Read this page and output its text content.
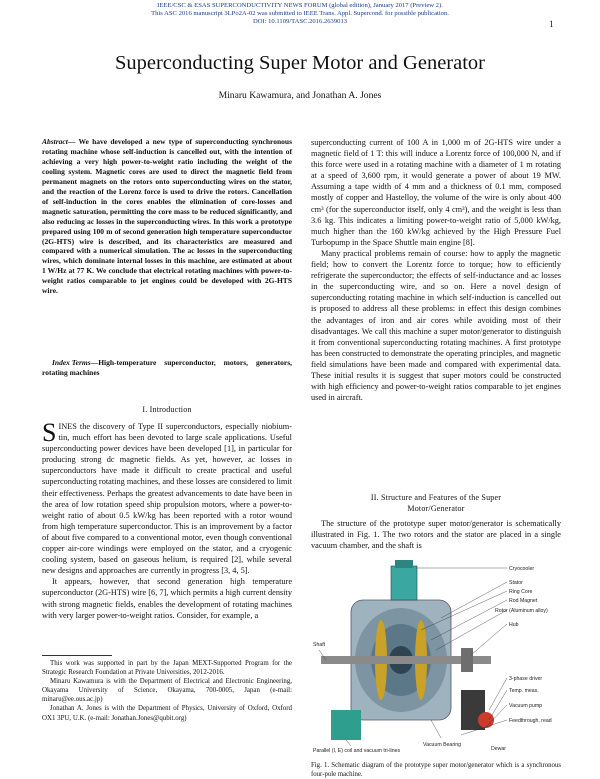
IEEE/CSC & ESAS SUPERCONDUCTIVITY NEWS FORUM (global edition), January 2017 (Preview 2).
This ASC 2016 manuscript 3LPo2A-02 was submitted to IEEE Trans. Appl. Supercond. for possible publication.
DOI: 10.1109/TASC.2016.2639013	1
Superconducting Super Motor and Generator
Minaru Kawamura, and Jonathan A. Jones
Abstract— We have developed a new type of superconducting synchronous rotating machine whose self-induction is cancelled out, with the intention of achieving a very high power-to-weight ratio including the weight of the cooling system. Magnetic cores are used to direct the magnetic field from permanent magnets on the rotors onto superconducting wires on the stator, and the reaction of the Lorenz force is used to drive the rotors. Cancellation of self-induction in the cores enables the elimination of core-losses and magnetic saturation, permitting the core mass to be reduced significantly, and also reducing ac losses in the superconducting wires. In this work a prototype prepared using 100 m of second generation high temperature superconductor (2G-HTS) wire is described, and its characteristics are measured and compared with a numerical simulation. The ac losses in the superconducting wires, which dominate internal losses in this machine, are estimated at about 1 W/Hz at 77 K. We conclude that electrical rotating machines with power-to-weight ratios comparable to jet engines could be developed with 2G-HTS wire.
Index Terms—High-temperature superconductor, motors, generators, rotating machines
I. Introduction

SINES the discovery of Type II superconductors, especially niobium-tin, much effort has been devoted to large scale applications. Useful superconducting power devices have been developed [1], in particular for producing strong dc magnetic fields. As yet, however, ac losses in superconductors have made it difficult to create practical and useful superconducting rotating machines, and these losses are considered to limit their effectiveness. Perhaps the greatest advancements to date have been in the area of low rotation speed ship propulsion motors, where a power-to-weight ratio of about 0.5 kW/kg has been reported with a rotor wound from high temperature superconductor. This is an improvement by a factor of about five compared to a conventional motor, even though conventional copper air-core windings were employed on the stator, and a cryogenic cooling system, based on gaseous helium, is required [2], while several new designs and approaches are currently in progress [3, 4, 5].

It appears, however, that second generation high temperature superconductor (2G-HTS) wire [6, 7], which permits a high current density with strong magnetic fields, enables the development of rotating machines with very larger power-to-weight ratios. Consider, for example, a

This work was supported in part by the Japan MEXT-Supported Program for the Strategic Research Foundation at Private Universities, 2012-2016.

Minaru Kawamura is with the Department of Electrical and Electronic Engineering, Okayama University of Science, Okayama, 700-0005, Japan (e-mail: minaru@ee.ous.ac.jp)

Jonathan A. Jones is with the Department of Physics, University of Oxford, Oxford OX1 3PU, U.K. (e-mail: Jonathan.Jones@qubit.org)

superconducting current of 100 A in 1,000 m of 2G-HTS wire under a magnetic field of 1 T: this will induce a Lorentz force of 100,000 N, and if this force were used in a rotating machine with a diameter of 1 m rotating at a speed of 3,600 rpm, it would generate a power of about 19 MW. Assuming a tape width of 4 mm and a thickness of 0.1 mm, composed mostly of copper and Hastelloy, the volume of the wire is only about 400 cm³ (for the superconductor itself, only 4 cm³), and the weight is less than 3.6 kg. This indicates a limiting power-to-weight ratio of 5,000 kW/kg, much higher than the 160 kW/kg achieved by the High Pressure Fuel Turbopump in the Space Shuttle main engine [8].

Many practical problems remain of course: how to apply the magnetic field; how to convert the Lorentz force to torque; how to efficiently refrigerate the superconductor; the effects of self-inductance and ac losses in the superconducting wire, and so on. Here a novel design of superconducting rotating machine in which self-induction is cancelled out is proposed to address all these problems: in effect this design combines the advantages of iron and air cores while avoiding most of their disadvantages. We call this machine a super motor/generator to distinguish it from conventional superconducting rotating machines. A first prototype has been constructed to demonstrate the operating principles, and magnetic field simulations have been made and compared with experimental data. These initial results it is suggest that super motors could be constructed with high efficiency and power-to-weight ratios comparable to jet engines used in aircraft.

II. Structure and Features of the Super
Motor/Generator

The structure of the prototype super motor/generator is schematically illustrated in Fig. 1. The two rotors and the stator are placed in a single vacuum chamber, and the shaft is

Cryocooler
Stator
Ring Core
Rod Magnet
Rotor (Aluminum alloy)
Hub
Shaft
3-phase driver
Temp. meas.
Vacuum pump
Feedthrough, read
Vacuum Bearing
Dewar
Parallel (I, E) coil and vacuum tri-lines
Fig. 1. Schematic diagram of the prototype super motor/generator which is a synchronous four-pole machine.
